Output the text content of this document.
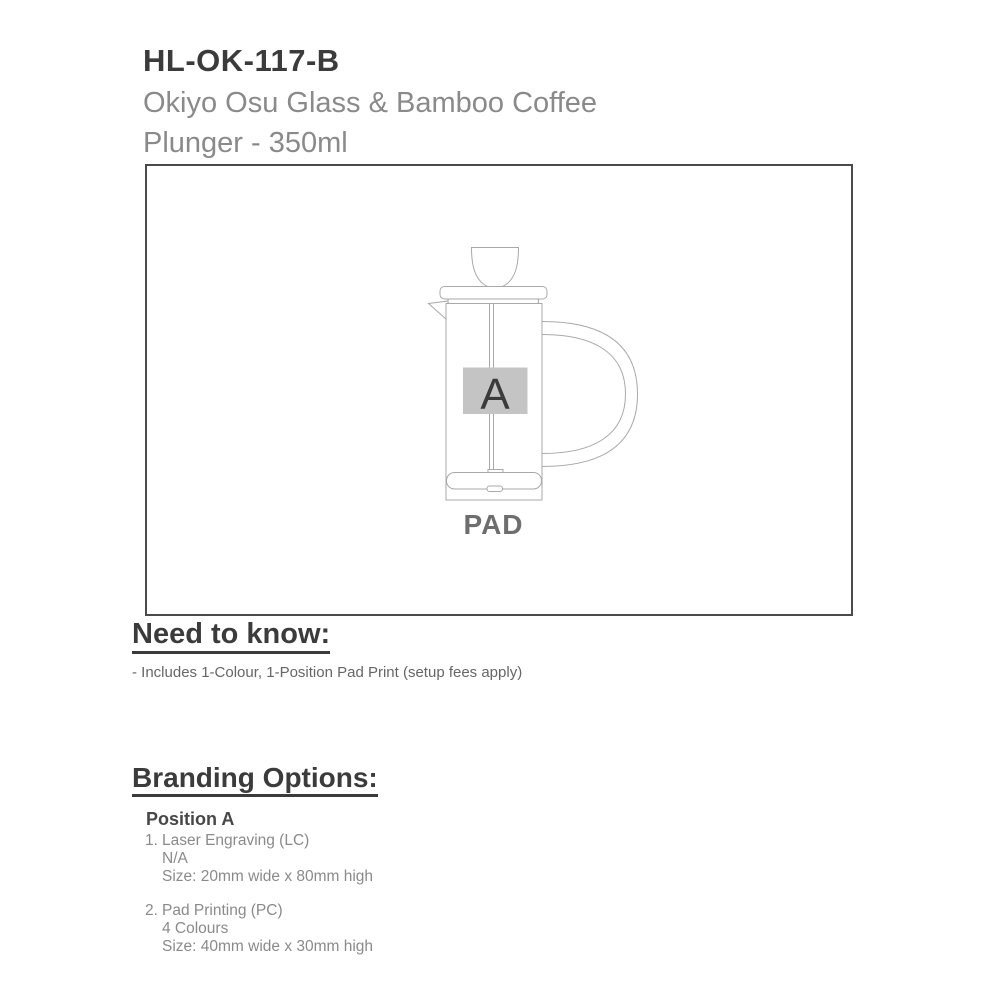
HL-OK-117-B
Okiyo Osu Glass & Bamboo Coffee
Plunger - 350ml
A
PAD
Need to know:
- Includes 1-Colour, 1-Position Pad Print (setup fees apply)
Branding Options:
Position A
1. Laser Engraving (LC)
N/A
Size: 20mm wide x 80mm high
2. Pad Printing (PC)
4 Colours
Size: 40mm wide x 30mm high
